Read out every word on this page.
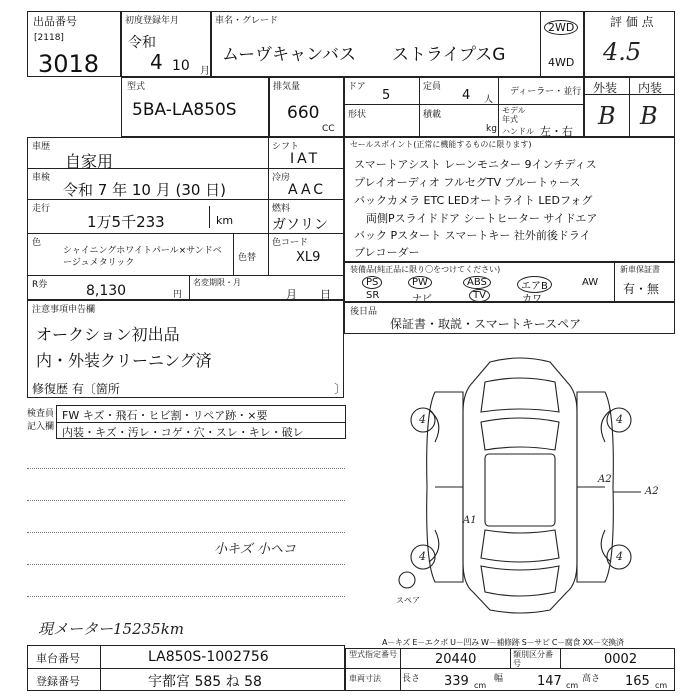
出品番号
[2118]
3018
初度登録年月
令和
4 10 月
車名・グレード
ムーヴキャンバス ストライプスG
2WD
4WD
評 価 点
4.5
型式
5BA-LA850S
排気量
660
CC
ドア
5
定員
4 人
ディーラー・並行
形状	積載
kg
モデル年式
ハンドル 左・右
外装 内装
B B
車歴
自家用
車検
令和 7 年 10 月 (30 日)
走行
1万5千233	km
シフト
IAT
冷房
AAC
燃料
ガソリン
色
シャイニングホワイトパール×サンドベージュメタリック	色替
色コード
XL9
R券	8,130	円
名変期限・月
月 日
セールスポイント(正常に機能するものに限ります)
スマートアシスト レーンモニター 9インチディス
プレイオーディオ フルセグTV ブルートゥース
バックカメラ ETC LEDオートライト LEDフォグ
両側Pスライドドア シートヒーター サイドエア
バック Pスタート スマートキー 社外前後ドライ
ブレコーダー
装備品(純正品に限り〇をつけてください)
PS	PW	ABS	エアB	AW
SR	ナビ	TV	カワ
新車保証書
有・無
後日品
保証書・取説・スマートキースペア
注意事項申告欄
オークション初出品
内・外装クリーニング済
修復歴 有〔箇所	〕
検査員記入欄
FW キズ・飛石・ヒビ割・リペア跡・×要
内装・キズ・汚レ・コゲ・穴・スレ・キレ・破レ
小キズ 小ヘコ
現メーター15235km
4	4
4	4
A2
A2
A1
スペア
A－キズ E－エクボ U－凹み W－補修跡 S－サビ C－腐食 XX－交換済
車台番号	LA850S-1002756
登録番号	宇都宮 585 ね 58
型式指定番号	20440	類別区分番号	0002
車両寸法 長さ 339 cm
幅	147 cm
高さ 165 cm
